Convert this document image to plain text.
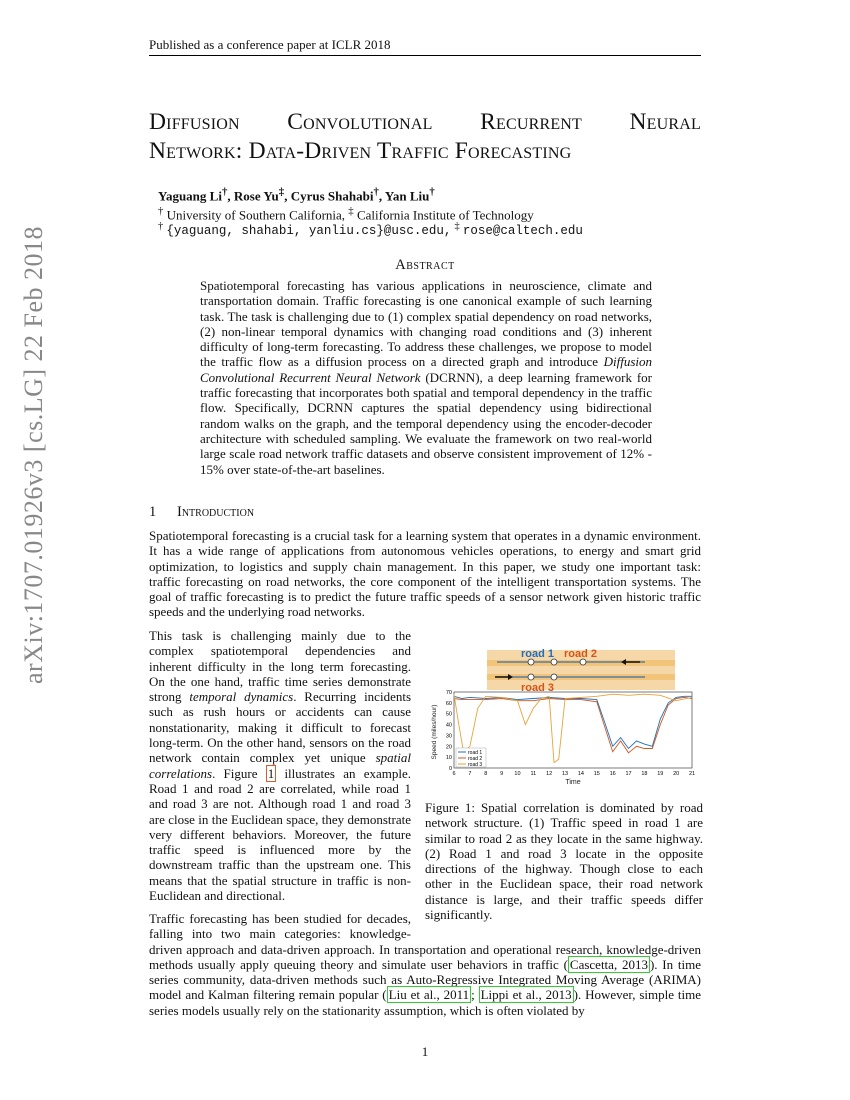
Published as a conference paper at ICLR 2018
arXiv:1707.01926v3 [cs.LG] 22 Feb 2018
Diffusion Convolutional Recurrent Neural
Network: Data-Driven Traffic Forecasting
Yaguang Li†, Rose Yu‡, Cyrus Shahabi†, Yan Liu†
† University of Southern California, ‡ California Institute of Technology
† {yaguang, shahabi, yanliu.cs}@usc.edu, ‡ rose@caltech.edu
Abstract
Spatiotemporal forecasting has various applications in neuroscience, climate and transportation domain. Traffic forecasting is one canonical example of such learning task. The task is challenging due to (1) complex spatial dependency on road networks, (2) non-linear temporal dynamics with changing road conditions and (3) inherent difficulty of long-term forecasting. To address these challenges, we propose to model the traffic flow as a diffusion process on a directed graph and introduce Diffusion Convolutional Recurrent Neural Network (DCRNN), a deep learning framework for traffic forecasting that incorporates both spatial and temporal dependency in the traffic flow. Specifically, DCRNN captures the spatial dependency using bidirectional random walks on the graph, and the temporal dependency using the encoder-decoder architecture with scheduled sampling. We evaluate the framework on two real-world large scale road network traffic datasets and observe consistent improvement of 12% - 15% over state-of-the-art baselines.
1 Introduction
Spatiotemporal forecasting is a crucial task for a learning system that operates in a dynamic environment. It has a wide range of applications from autonomous vehicles operations, to energy and smart grid optimization, to logistics and supply chain management. In this paper, we study one important task: traffic forecasting on road networks, the core component of the intelligent transportation systems. The goal of traffic forecasting is to predict the future traffic speeds of a sensor network given historic traffic speeds and the underlying road networks.
This task is challenging mainly due to the complex spatiotemporal dependencies and inherent difficulty in the long term forecasting. On the one hand, traffic time series demonstrate strong temporal dynamics. Recurring incidents such as rush hours or accidents can cause nonstationarity, making it difficult to forecast long-term. On the other hand, sensors on the road network contain complex yet unique spatial correlations. Figure 1 illustrates an example. Road 1 and road 2 are correlated, while road 1 and road 3 are not. Although road 1 and road 3 are close in the Euclidean space, they demonstrate very different behaviors. Moreover, the future traffic speed is influenced more by the downstream traffic than the upstream one. This means that the spatial structure in traffic is non-Euclidean and directional.
road 1 road 2
road 3
0
10
20
30
40
50
60
70
6 7 8 9 10 11 12 13 14 15 16 17 18 19 20 21
Speed (miles/hour)
Time
road 1
road 2
road 3
Figure 1: Spatial correlation is dominated by road network structure. (1) Traffic speed in road 1 are similar to road 2 as they locate in the same highway. (2) Road 1 and road 3 locate in the opposite directions of the highway. Though close to each other in the Euclidean space, their road network distance is large, and their traffic speeds differ significantly.
Traffic forecasting has been studied for decades,
falling into two main categories: knowledge-
driven approach and data-driven approach. In transportation and operational research, knowledge-driven methods usually apply queuing theory and simulate user behaviors in traffic ( Cascetta, 2013 ). In time series community, data-driven methods such as Auto-Regressive Integrated Moving Average (ARIMA) model and Kalman filtering remain popular ( Liu et al., 2011 ; Lippi et al., 2013 ). However, simple time series models usually rely on the stationarity assumption, which is often violated by
1
